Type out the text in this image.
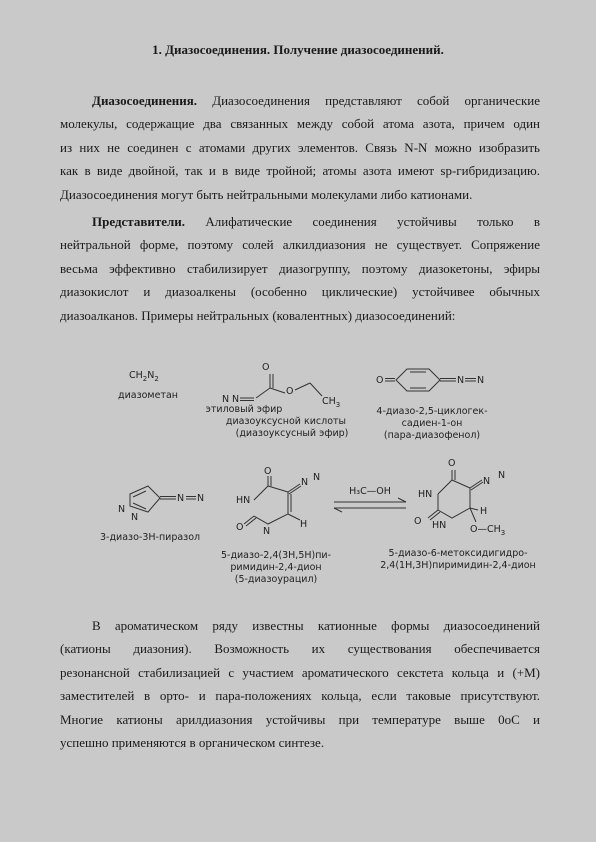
1. Диазосоединения. Получение диазосоединений.
Диазосоединения. Диазосоединения представляют собой органические
молекулы, содержащие два связанных между собой атома азота, причем один
из них не соединен с атомами других элементов. Связь N-N можно изобразить
как в виде двойной, так и в виде тройной; атомы азота имеют sp-гибридизацию.
Диазосоединения могут быть нейтральными молекулами либо катионами.
Представители. Алифатические соединения устойчивы только в
нейтральной форме, поэтому солей алкилдиазония не существует. Сопряжение
весьма эффективно стабилизирует диазогруппу, поэтому диазокетоны, эфиры
диазокислот и диазоалкены (особенно циклические) устойчивее обычных
диазоалканов. Примеры нейтральных (ковалентных) диазосоединений:
$CH_2N_2$
диазометан
O
O
$CH_3$
N N
этиловый эфир
диазоуксусной кислоты
(диазоуксусный эфир)
O	N N
4-диазо-2,5-циклогек-
садиен-1-он
(пара-диазофенол)
N
N
N N
3-диазо-3Н-пиразол
O
HN
O N
H
N N
5-диазо-2,4(3Н,5Н)пи-
римидин-2,4-дион
(5-диазоурацил)
H₃C—OH
O
HN
O HN
H
$O—CH_3$
N
N
5-диазо-6-метоксидигидро-
2,4(1Н,3Н)пиримидин-2,4-дион
В ароматическом ряду известны катионные формы диазосоединений
(катионы диазония). Возможность их существования обеспечивается
резонансной стабилизацией с участием ароматического секстета кольца и (+M)
заместителей в орто- и пара-положениях кольца, если таковые присутствуют.
Многие катионы арилдиазония устойчивы при температуре выше 0оС и
успешно применяются в органическом синтезе.
